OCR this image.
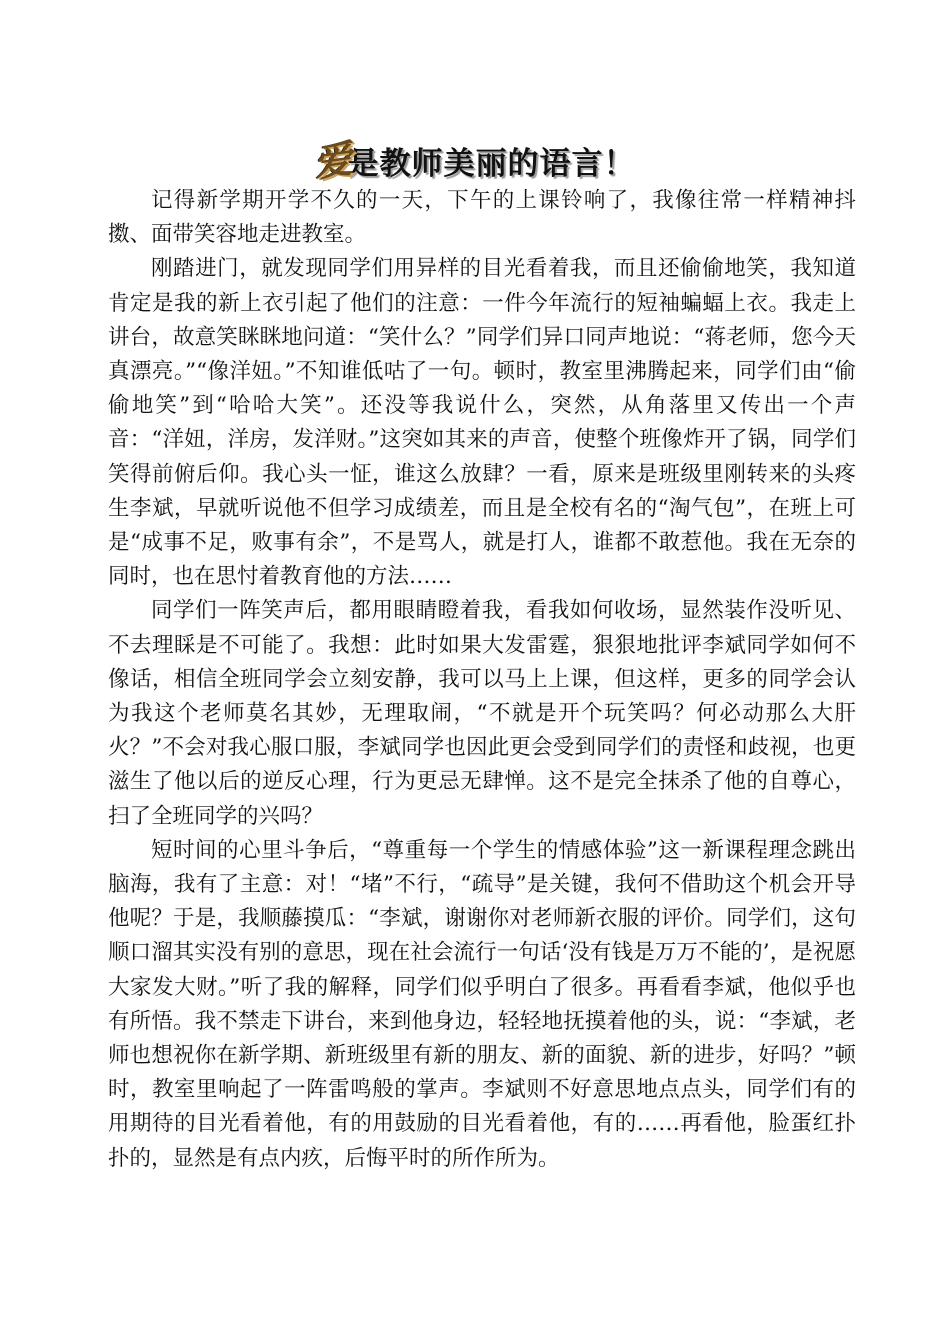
爱是教师美丽的语言！

记得新学期开学不久的一天，下午的上课铃响了，我像往常一样精神抖擞、面带笑容地走进教室。

刚踏进门，就发现同学们用异样的目光看着我，而且还偷偷地笑，我知道肯定是我的新上衣引起了他们的注意：一件今年流行的短袖蝙蝠上衣。我走上讲台，故意笑眯眯地问道：“笑什么？”同学们异口同声地说：“蒋老师，您今天真漂亮。”“像洋妞。”不知谁低咕了一句。顿时，教室里沸腾起来，同学们由“偷偷地笑”到“哈哈大笑”。还没等我说什么，突然，从角落里又传出一个声音：“洋妞，洋房，发洋财。”这突如其来的声音，使整个班像炸开了锅，同学们笑得前俯后仰。我心头一怔，谁这么放肆？一看，原来是班级里刚转来的头疼生李斌，早就听说他不但学习成绩差，而且是全校有名的“淘气包”，在班上可是“成事不足，败事有余”，不是骂人，就是打人，谁都不敢惹他。我在无奈的同时，也在思忖着教育他的方法……

同学们一阵笑声后，都用眼睛瞪着我，看我如何收场，显然装作没听见、不去理睬是不可能了。我想：此时如果大发雷霆，狠狠地批评李斌同学如何不像话，相信全班同学会立刻安静，我可以马上上课，但这样，更多的同学会认为我这个老师莫名其妙，无理取闹，“不就是开个玩笑吗？何必动那么大肝火？”不会对我心服口服，李斌同学也因此更会受到同学们的责怪和歧视，也更滋生了他以后的逆反心理，行为更忌无肆惮。这不是完全抹杀了他的自尊心，扫了全班同学的兴吗？

短时间的心里斗争后，“尊重每一个学生的情感体验”这一新课程理念跳出脑海，我有了主意：对！“堵”不行，“疏导”是关键，我何不借助这个机会开导他呢？于是，我顺藤摸瓜：“李斌，谢谢你对老师新衣服的评价。同学们，这句顺口溜其实没有别的意思，现在社会流行一句话‘没有钱是万万不能的’，是祝愿大家发大财。”听了我的解释，同学们似乎明白了很多。再看看李斌，他似乎也有所悟。我不禁走下讲台，来到他身边，轻轻地抚摸着他的头，说：“李斌，老师也想祝你在新学期、新班级里有新的朋友、新的面貌、新的进步，好吗？”顿时，教室里响起了一阵雷鸣般的掌声。李斌则不好意思地点点头，同学们有的用期待的目光看着他，有的用鼓励的目光看着他，有的……再看他，脸蛋红扑扑的，显然是有点内疚，后悔平时的所作所为。
